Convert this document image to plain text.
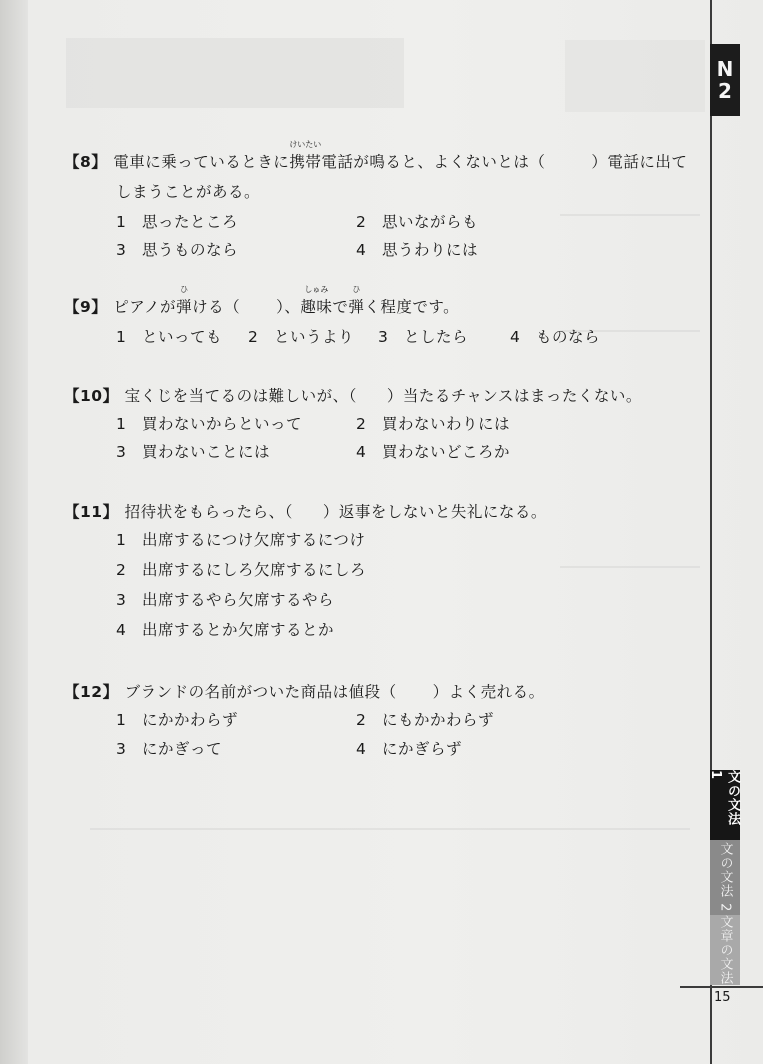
N
2
文の文法 1
文の文法 2
文章の文法
15
【8】 電車に乗っているときに携帯
けいたい
電話が鳴ると、よくないとは（	）電話に出て
しまうことがある。
1 思ったところ	2 思いながらも
3 思うものなら	4 思うわりには
【9】 ピアノが弾
ひ
ける（ ）、趣味
しゅみ
で弾
ひ
く程度です。
1 といっても 2 というより 3 としたら	4 ものなら
【10】 宝くじを当てるのは難しいが、（ ）当たるチャンスはまったくない。
1 買わないからといって	2 買わないわりには
3 買わないことには	4 買わないどころか
【11】 招待状をもらったら、（ ）返事をしないと失礼になる。
1 出席するにつけ欠席するにつけ
2 出席するにしろ欠席するにしろ
3 出席するやら欠席するやら
4 出席するとか欠席するとか
【12】 ブランドの名前がついた商品は値段（ ）よく売れる。
1 にかかわらず	2 にもかかわらず
3 にかぎって	4 にかぎらず
